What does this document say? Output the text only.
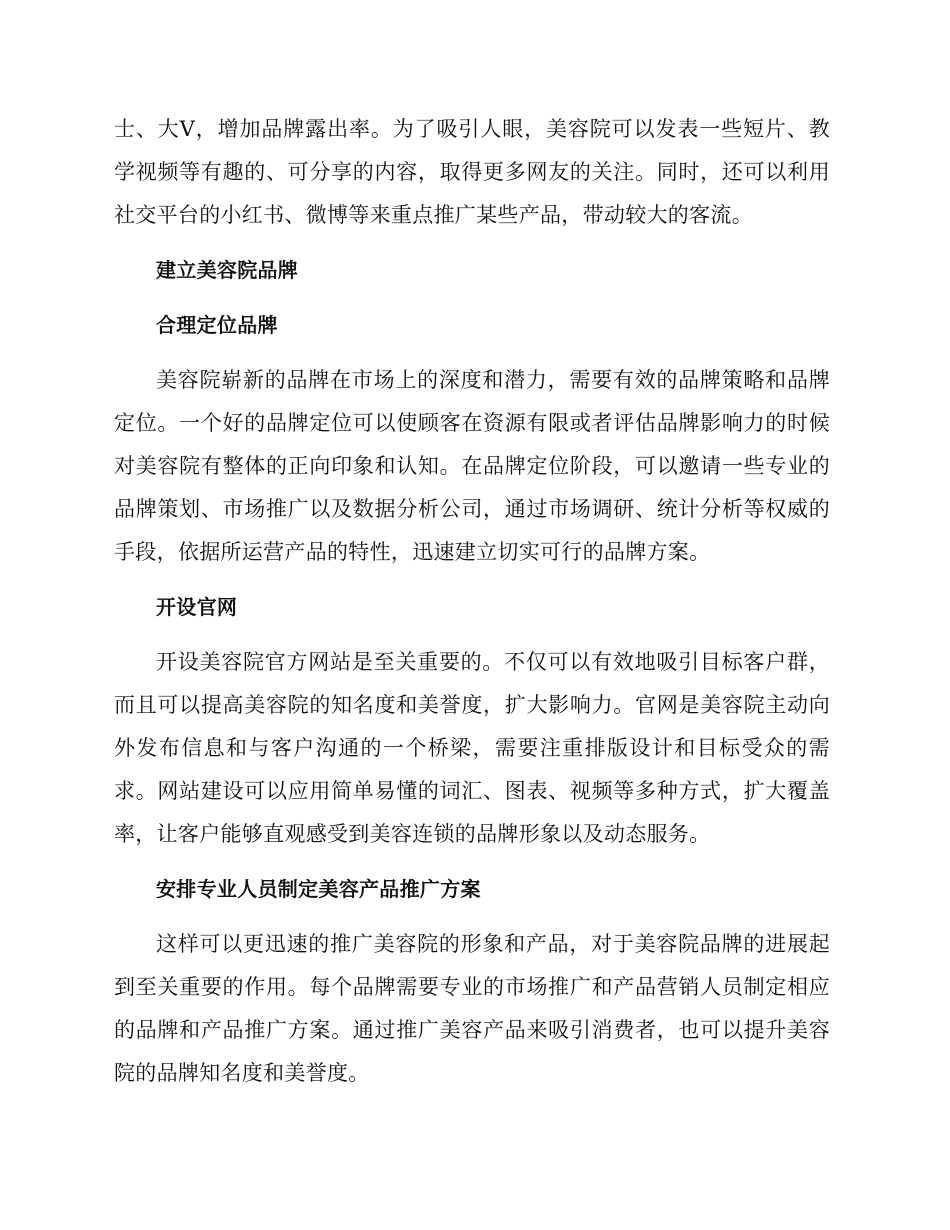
士、大V，增加品牌露出率。为了吸引人眼，美容院可以发表一些短片、教学视频等有趣的、可分享的内容，取得更多网友的关注。同时，还可以利用社交平台的小红书、微博等来重点推广某些产品，带动较大的客流。

建立美容院品牌

合理定位品牌

美容院崭新的品牌在市场上的深度和潜力，需要有效的品牌策略和品牌定位。一个好的品牌定位可以使顾客在资源有限或者评估品牌影响力的时候对美容院有整体的正向印象和认知。在品牌定位阶段，可以邀请一些专业的品牌策划、市场推广以及数据分析公司，通过市场调研、统计分析等权威的手段，依据所运营产品的特性，迅速建立切实可行的品牌方案。

开设官网

开设美容院官方网站是至关重要的。不仅可以有效地吸引目标客户群，而且可以提高美容院的知名度和美誉度，扩大影响力。官网是美容院主动向外发布信息和与客户沟通的一个桥梁，需要注重排版设计和目标受众的需求。网站建设可以应用简单易懂的词汇、图表、视频等多种方式，扩大覆盖率，让客户能够直观感受到美容连锁的品牌形象以及动态服务。

安排专业人员制定美容产品推广方案

这样可以更迅速的推广美容院的形象和产品，对于美容院品牌的进展起到至关重要的作用。每个品牌需要专业的市场推广和产品营销人员制定相应的品牌和产品推广方案。通过推广美容产品来吸引消费者，也可以提升美容院的品牌知名度和美誉度。
